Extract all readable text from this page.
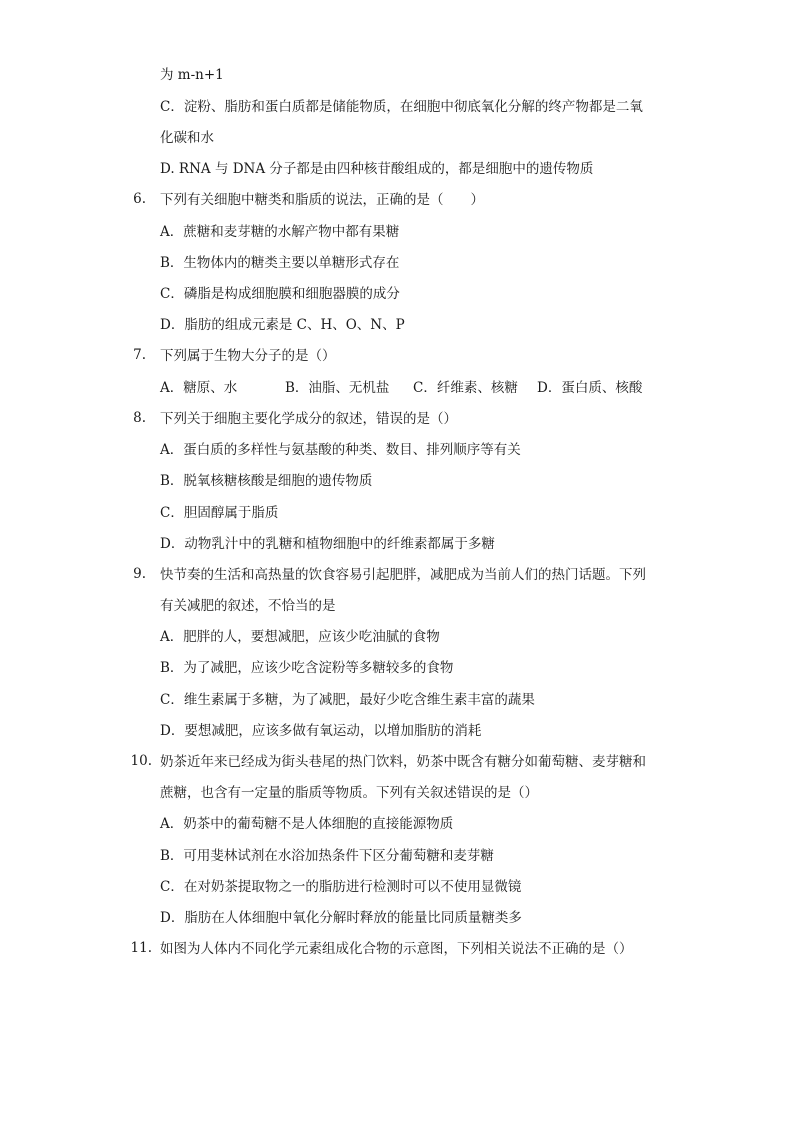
为 m-n+1
C．淀粉、脂肪和蛋白质都是储能物质，在细胞中彻底氧化分解的终产物都是二氧
化碳和水
D. RNA 与 DNA 分子都是由四种核苷酸组成的，都是细胞中的遗传物质
6. 下列有关细胞中糖类和脂质的说法，正确的是（　　）
A．蔗糖和麦芽糖的水解产物中都有果糖
B．生物体内的糖类主要以单糖形式存在
C．磷脂是构成细胞膜和细胞器膜的成分
D．脂肪的组成元素是 C、H、O、N、P
7. 下列属于生物大分子的是（）
A．糖原、水	B．油脂、无机盐 C．纤维素、核糖 D．蛋白质、核酸
8. 下列关于细胞主要化学成分的叙述，错误的是（）
A．蛋白质的多样性与氨基酸的种类、数目、排列顺序等有关
B．脱氧核糖核酸是细胞的遗传物质
C．胆固醇属于脂质
D．动物乳汁中的乳糖和植物细胞中的纤维素都属于多糖
9. 快节奏的生活和高热量的饮食容易引起肥胖，减肥成为当前人们的热门话题。下列
有关减肥的叙述，不恰当的是
A．肥胖的人，要想减肥，应该少吃油腻的食物
B．为了减肥，应该少吃含淀粉等多糖较多的食物
C．维生素属于多糖，为了减肥，最好少吃含维生素丰富的蔬果
D．要想减肥，应该多做有氧运动，以增加脂肪的消耗
10. 奶茶近年来已经成为街头巷尾的热门饮料，奶茶中既含有糖分如葡萄糖、麦芽糖和
蔗糖，也含有一定量的脂质等物质。下列有关叙述错误的是（）
A．奶茶中的葡萄糖不是人体细胞的直接能源物质
B．可用斐林试剂在水浴加热条件下区分葡萄糖和麦芽糖
C．在对奶茶提取物之一的脂肪进行检测时可以不使用显微镜
D．脂肪在人体细胞中氧化分解时释放的能量比同质量糖类多
11. 如图为人体内不同化学元素组成化合物的示意图，下列相关说法不正确的是（）
